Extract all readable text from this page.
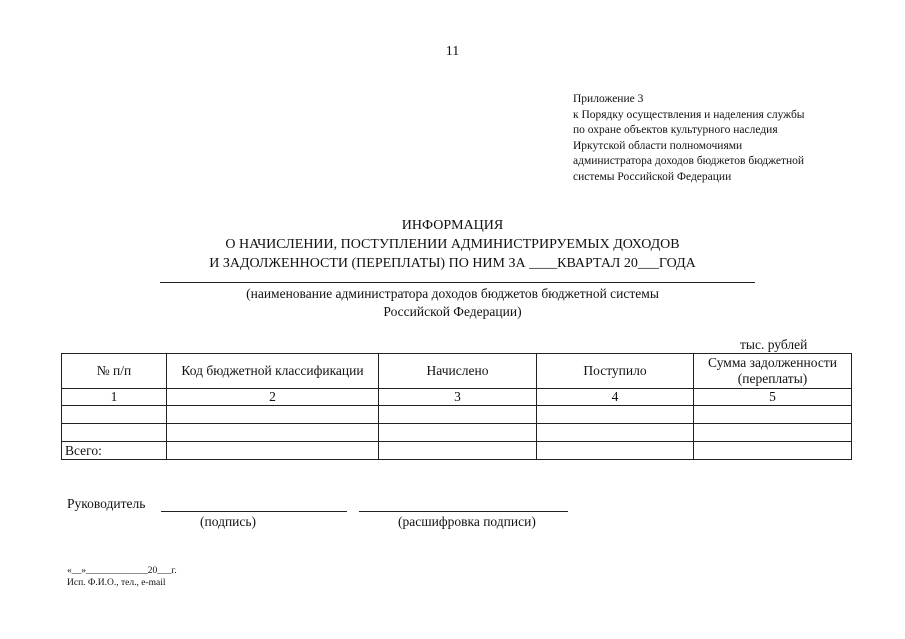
11
Приложение 3
к Порядку осуществления и наделения службы
по охране объектов культурного наследия
Иркутской области полномочиями
администратора доходов бюджетов бюджетной
системы Российской Федерации
ИНФОРМАЦИЯ
О НАЧИСЛЕНИИ, ПОСТУПЛЕНИИ АДМИНИСТРИРУЕМЫХ ДОХОДОВ
И ЗАДОЛЖЕННОСТИ (ПЕРЕПЛАТЫ) ПО НИМ ЗА ____КВАРТАЛ 20___ГОДА
(наименование администратора доходов бюджетов бюджетной системы
Российской Федерации)
тыс. рублей
№ п/п	Код бюджетной классификации	Начислено	Поступило	Сумма задолженности (переплаты)
1	2	3	4	5

Всего:				
Руководитель
(подпись)	(расшифровка подписи)
«__»_____________20___г.
Исп. Ф.И.О., тел., e-mail
